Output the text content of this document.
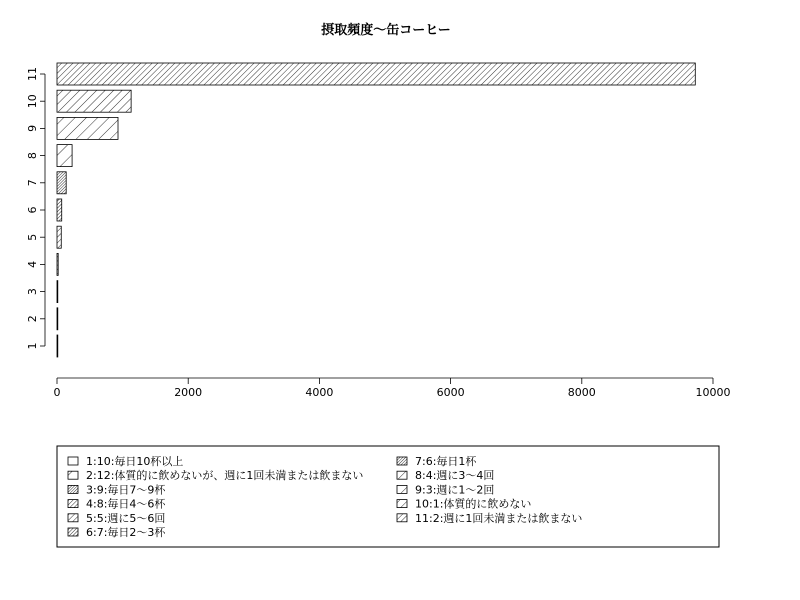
摂取頻度～缶コーヒー
1
2
3
4
5
6
7
8
9
10
11
0	2000	4000	6000	8000	10000
1:10:毎日10杯以上
2:12:体質的に飲めないが、週に1回未満または飲まない
3:9:毎日7～9杯
4:8:毎日4～6杯
5:5:週に5～6回
6:7:毎日2～3杯
7:6:毎日1杯
8:4:週に3～4回
9:3:週に1～2回
10:1:体質的に飲めない
11:2:週に1回未満または飲まない
